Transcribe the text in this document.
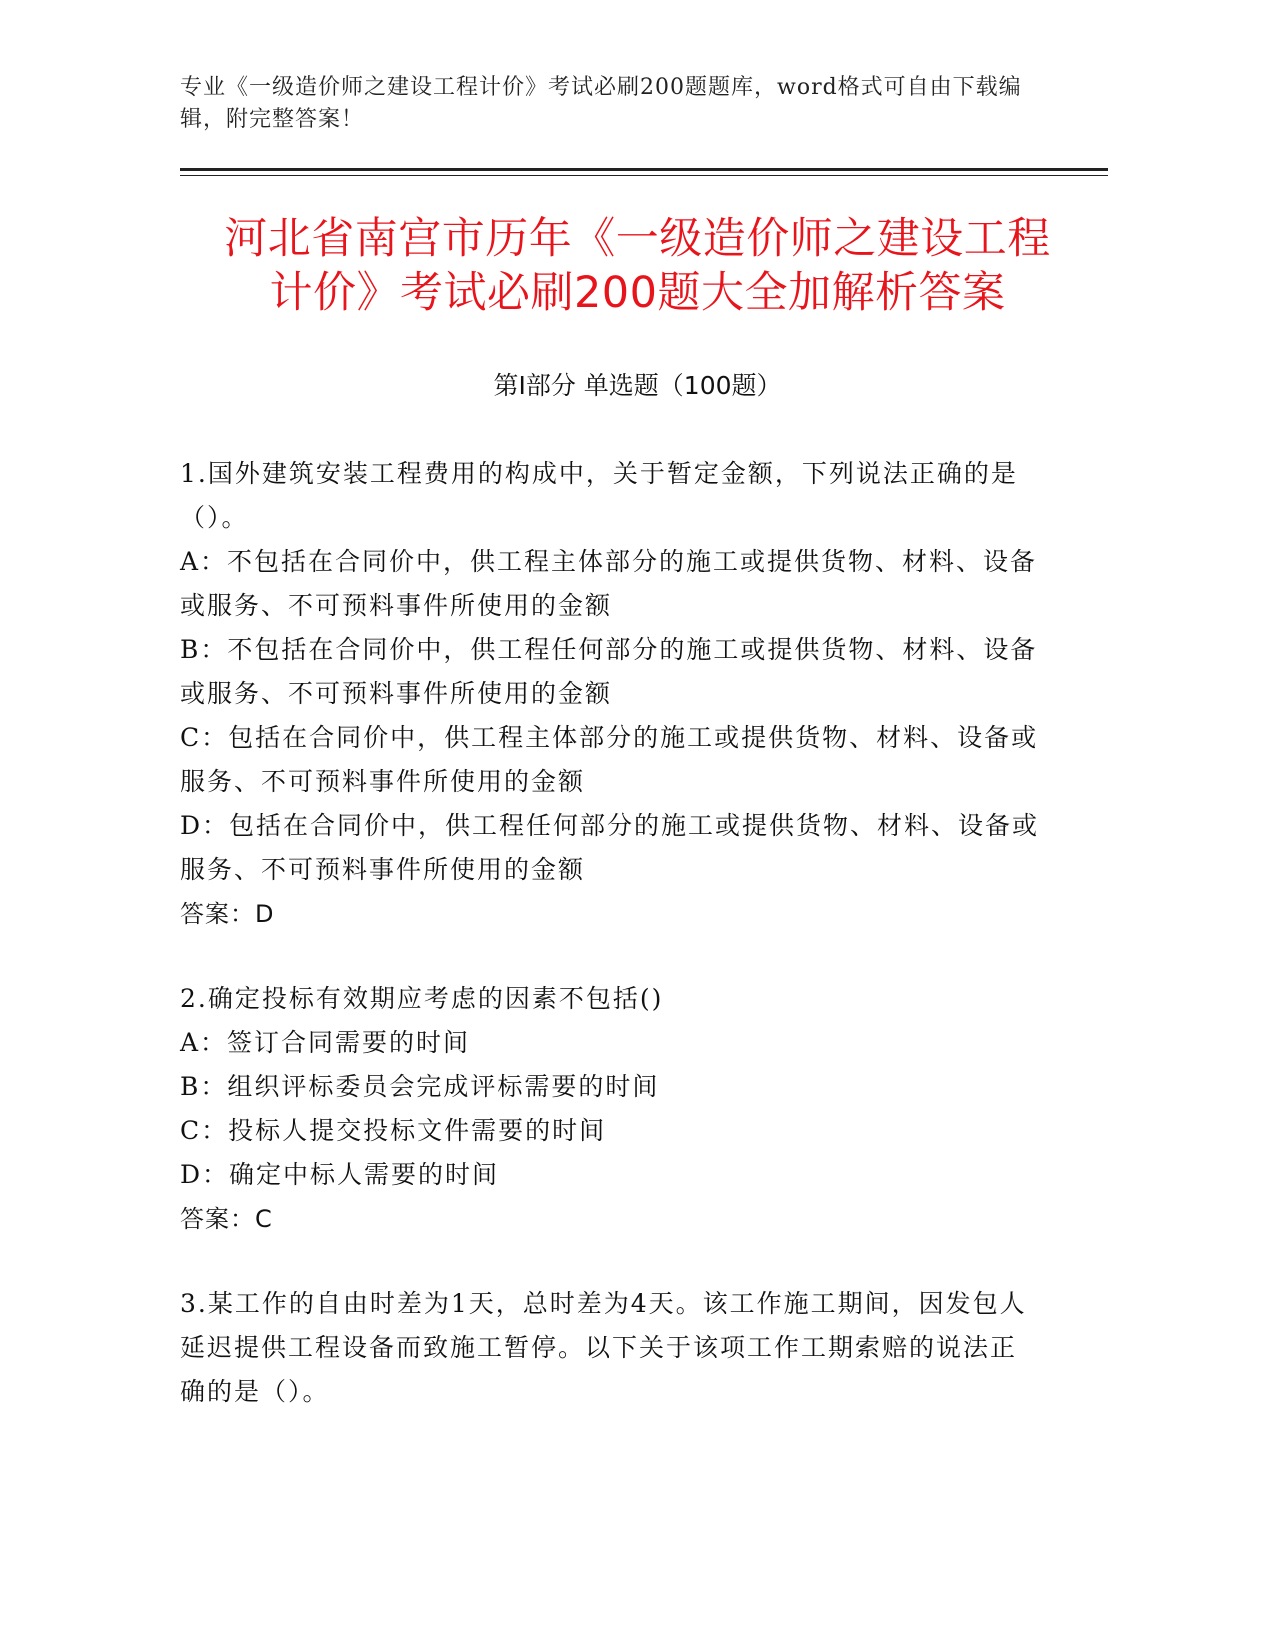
专业《一级造价师之建设工程计价》考试必刷200题题库，word格式可自由下载编辑，附完整答案！
河北省南宫市历年《一级造价师之建设工程
计价》考试必刷200题大全加解析答案
第Ⅰ部分 单选题（100题）

1.国外建筑安装工程费用的构成中，关于暂定金额，下列说法正确的是（）。

A：不包括在合同价中，供工程主体部分的施工或提供货物、材料、设备或服务、不可预料事件所使用的金额

B：不包括在合同价中，供工程任何部分的施工或提供货物、材料、设备或服务、不可预料事件所使用的金额

C：包括在合同价中，供工程主体部分的施工或提供货物、材料、设备或服务、不可预料事件所使用的金额

D：包括在合同价中，供工程任何部分的施工或提供货物、材料、设备或服务、不可预料事件所使用的金额

答案：D

2.确定投标有效期应考虑的因素不包括()

A：签订合同需要的时间

B：组织评标委员会完成评标需要的时间

C：投标人提交投标文件需要的时间

D：确定中标人需要的时间

答案：C

3.某工作的自由时差为1天，总时差为4天。该工作施工期间，因发包人延迟提供工程设备而致施工暂停。以下关于该项工作工期索赔的说法正确的是（）。
